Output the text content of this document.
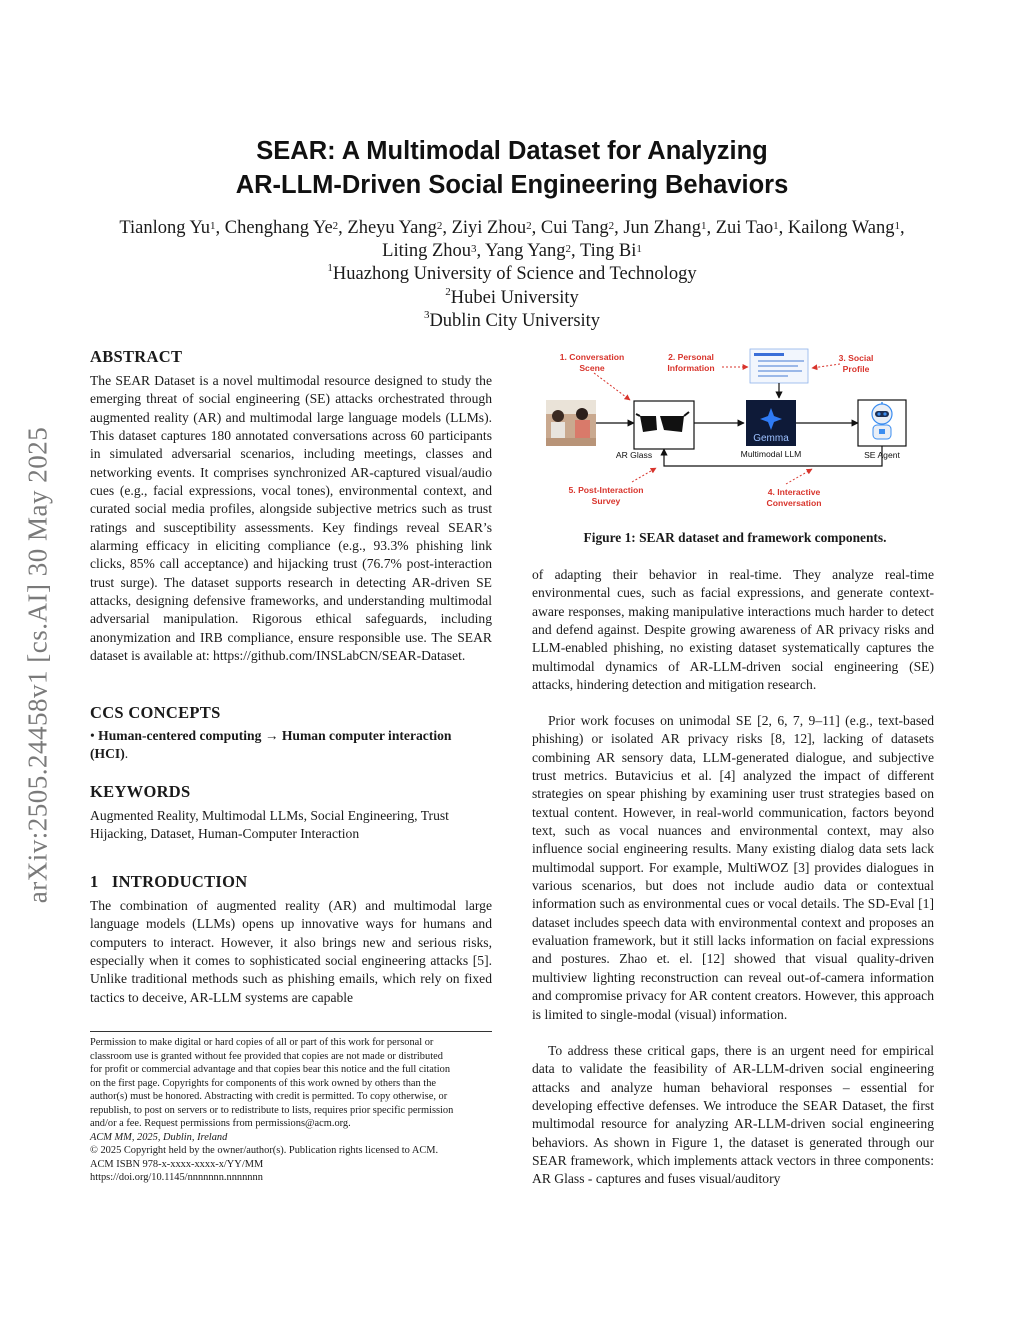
arXiv:2505.24458v1 [cs.AI] 30 May 2025
SEAR: A Multimodal Dataset for Analyzing
AR-LLM-Driven Social Engineering Behaviors
Tianlong Yu$^1$, Chenghang Ye$^2$, Zheyu Yang$^2$, Ziyi Zhou$^2$, Cui Tang$^2$, Jun Zhang$^1$, Zui Tao$^1$, Kailong Wang$^1$, Liting Zhou$^3$, Yang Yang$^2$, Ting Bi$^1$
$^1$Huazhong University of Science and Technology
$^2$Hubei University
$^3$Dublin City University
ABSTRACT

The SEAR Dataset is a novel multimodal resource designed to study the emerging threat of social engineering (SE) attacks orchestrated through augmented reality (AR) and multimodal large language models (LLMs). This dataset captures 180 annotated conversations across 60 participants in simulated adversarial scenarios, including meetings, classes and networking events. It comprises synchronized AR-captured visual/audio cues (e.g., facial expressions, vocal tones), environmental context, and curated social media profiles, alongside subjective metrics such as trust ratings and susceptibility assessments. Key findings reveal SEAR’s alarming efficacy in eliciting compliance (e.g., 93.3% phishing link clicks, 85% call acceptance) and hijacking trust (76.7% post-interaction trust surge). The dataset supports research in detecting AR-driven SE attacks, designing defensive frameworks, and understanding multimodal adversarial manipulation. Rigorous ethical safeguards, including anonymization and IRB compliance, ensure responsible use. The SEAR dataset is available at: https://github.com/INSLabCN/SEAR-Dataset.

CCS CONCEPTS

• Human-centered computing → Human computer interaction (HCI).

KEYWORDS

Augmented Reality, Multimodal LLMs, Social Engineering, Trust Hijacking, Dataset, Human-Computer Interaction

1 INTRODUCTION

The combination of augmented reality (AR) and multimodal large language models (LLMs) opens up innovative ways for humans and computers to interact. However, it also brings new and serious risks, especially when it comes to sophisticated social engineering attacks [5]. Unlike traditional methods such as phishing emails, which rely on fixed tactics to deceive, AR-LLM systems are capable

Permission to make digital or hard copies of all or part of this work for personal or
classroom use is granted without fee provided that copies are not made or distributed
for profit or commercial advantage and that copies bear this notice and the full citation
on the first page. Copyrights for components of this work owned by others than the
author(s) must be honored. Abstracting with credit is permitted. To copy otherwise, or
republish, to post on servers or to redistribute to lists, requires prior specific permission
and/or a fee. Request permissions from permissions@acm.org.
ACM MM, 2025, Dublin, Ireland
© 2025 Copyright held by the owner/author(s). Publication rights licensed to ACM.
ACM ISBN 978-x-xxxx-xxxx-x/YY/MM
https://doi.org/10.1145/nnnnnnn.nnnnnnn
Gemma
1. Conversation
Scene
2. Personal
Information
3. Social
Profile
4. Interactive
Conversation
5. Post-Interaction
Survey
AR Glass	Multimodal LLM	SE Agent
Figure 1: SEAR dataset and framework components.

of adapting their behavior in real-time. They analyze real-time environmental cues, such as facial expressions, and generate context-aware responses, making manipulative interactions much harder to detect and defend against. Despite growing awareness of AR privacy risks and LLM-enabled phishing, no existing dataset systematically captures the multimodal dynamics of AR-LLM-driven social engineering (SE) attacks, hindering detection and mitigation research.

Prior work focuses on unimodal SE [2, 6, 7, 9–11] (e.g., text-based phishing) or isolated AR privacy risks [8, 12], lacking of datasets combining AR sensory data, LLM-generated dialogue, and subjective trust metrics. Butavicius et al. [4] analyzed the impact of different strategies on spear phishing by examining user trust strategies based on textual content. However, in real-world communication, factors beyond text, such as vocal nuances and environmental context, may also influence social engineering results. Many existing dialog data sets lack multimodal support. For example, MultiWOZ [3] provides dialogues in various scenarios, but does not include audio data or contextual information such as environmental cues or vocal details. The SD-Eval [1] dataset includes speech data with environmental context and proposes an evaluation framework, but it still lacks information on facial expressions and postures. Zhao et. el. [12] showed that visual quality-driven multiview lighting reconstruction can reveal out-of-camera information and compromise privacy for AR content creators. However, this approach is limited to single-modal (visual) information.

To address these critical gaps, there is an urgent need for empirical data to validate the feasibility of AR-LLM-driven social engineering attacks and analyze human behavioral responses – essential for developing effective defenses. We introduce the SEAR Dataset, the first multimodal resource for analyzing AR-LLM-driven social engineering behaviors. As shown in Figure 1, the dataset is generated through our SEAR framework, which implements attack vectors in three components: AR Glass - captures and fuses visual/auditory
